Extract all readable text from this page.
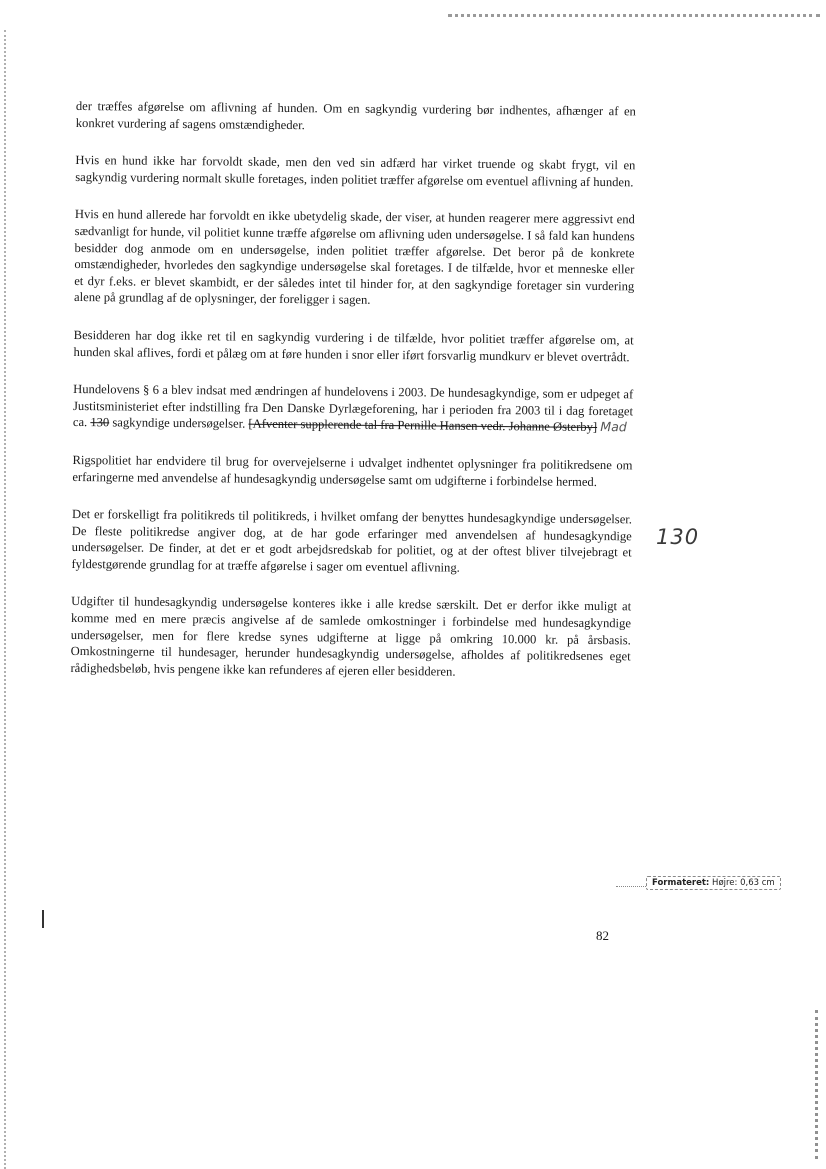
der træffes afgørelse om aflivning af hunden. Om en sagkyndig vurdering bør indhentes, afhænger af en konkret vurdering af sagens omstændigheder.

Hvis en hund ikke har forvoldt skade, men den ved sin adfærd har virket truende og skabt frygt, vil en sagkyndig vurdering normalt skulle foretages, inden politiet træffer afgørelse om eventuel aflivning af hunden.

Hvis en hund allerede har forvoldt en ikke ubetydelig skade, der viser, at hunden reagerer mere aggressivt end sædvanligt for hunde, vil politiet kunne træffe afgørelse om aflivning uden undersøgelse. I så fald kan hundens besidder dog anmode om en undersøgelse, inden politiet træffer afgørelse. Det beror på de konkrete omstændigheder, hvorledes den sagkyndige undersøgelse skal foretages. I de tilfælde, hvor et menneske eller et dyr f.eks. er blevet skambidt, er der således intet til hinder for, at den sagkyndige foretager sin vurdering alene på grundlag af de oplysninger, der foreligger i sagen.

Besidderen har dog ikke ret til en sagkyndig vurdering i de tilfælde, hvor politiet træffer afgørelse om, at hunden skal aflives, fordi et pålæg om at føre hunden i snor eller iført forsvarlig mundkurv er blevet overtrådt.

Hundelovens § 6 a blev indsat med ændringen af hundelovens i 2003. De hundesagkyndige, som er udpeget af Justitsministeriet efter indstilling fra Den Danske Dyrlægeforening, har i perioden fra 2003 til i dag foretaget ca. 130 sagkyndige undersøgelser. [Afventer supplerende tal fra Pernille Hansen vedr. Johanne Østerby] Mad

Rigspolitiet har endvidere til brug for overvejelserne i udvalget indhentet oplysninger fra politikredsene om erfaringerne med anvendelse af hundesagkyndig undersøgelse samt om udgifterne i forbindelse hermed.

Det er forskelligt fra politikreds til politikreds, i hvilket omfang der benyttes hundesagkyndige undersøgelser. De fleste politikredse angiver dog, at de har gode erfaringer med anvendelsen af hundesagkyndige undersøgelser. De finder, at det er et godt arbejdsredskab for politiet, og at der oftest bliver tilvejebragt et fyldestgørende grundlag for at træffe afgørelse i sager om eventuel aflivning.

Udgifter til hundesagkyndig undersøgelse konteres ikke i alle kredse særskilt. Det er derfor ikke muligt at komme med en mere præcis angivelse af de samlede omkostninger i forbindelse med hundesagkyndige undersøgelser, men for flere kredse synes udgifterne at ligge på omkring 10.000 kr. på årsbasis. Omkostningerne til hundesager, herunder hundesagkyndig undersøgelse, afholdes af politikredsenes eget rådighedsbeløb, hvis pengene ikke kan refunderes af ejeren eller besidderen.

130
Formateret: Højre: 0,63 cm
82
